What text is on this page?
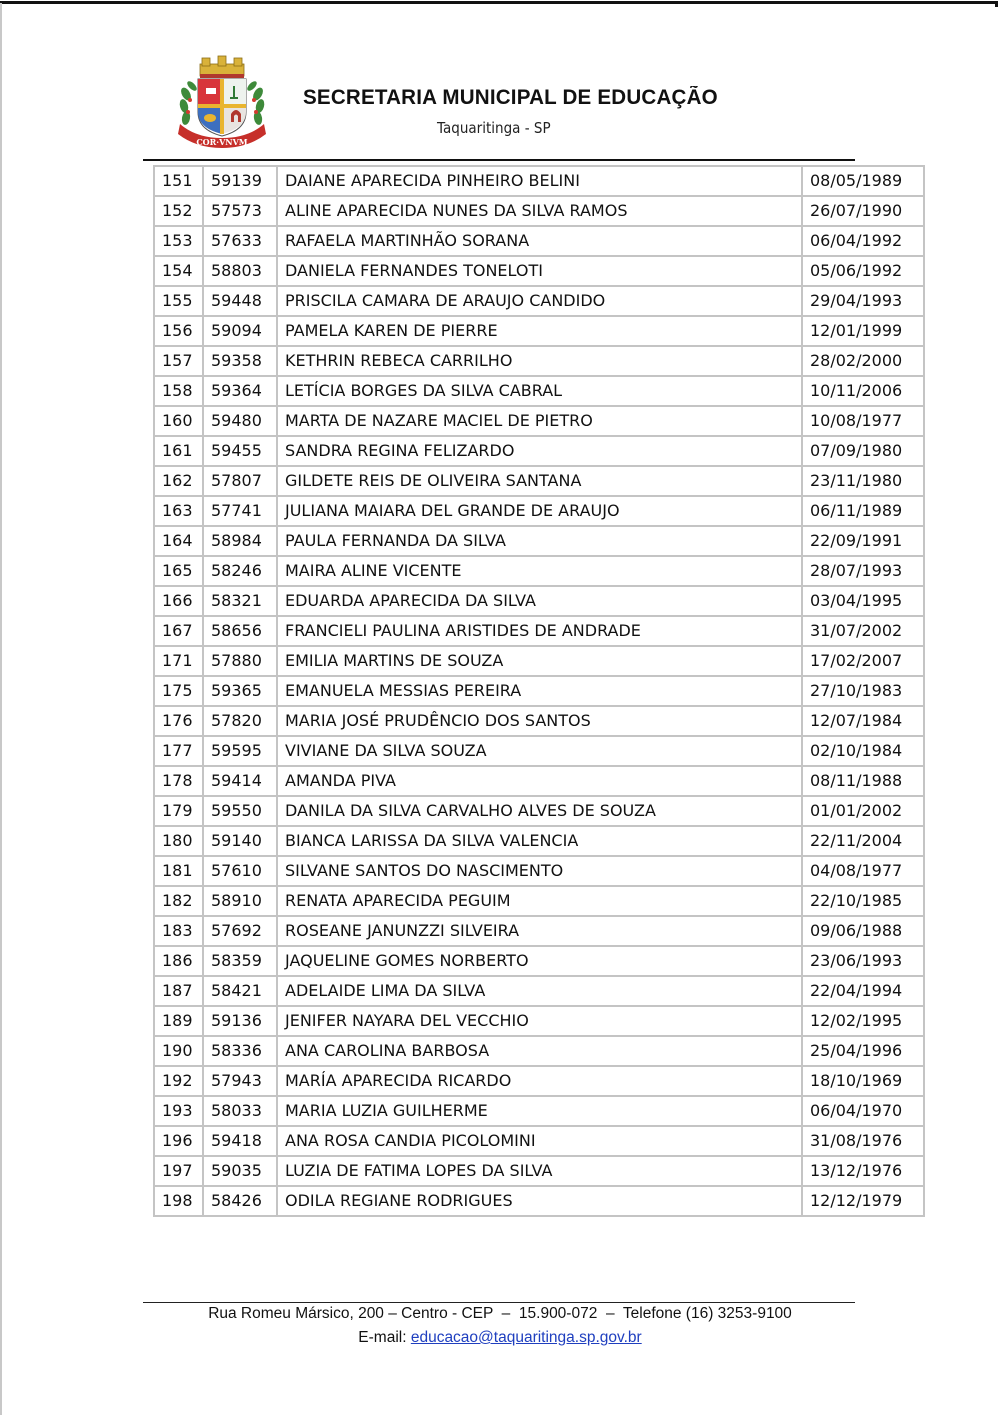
COR·VNVM
SECRETARIA MUNICIPAL DE EDUCAÇÃO
Taquaritinga - SP
151	59139	DAIANE APARECIDA PINHEIRO BELINI	08/05/1989
152	57573	ALINE APARECIDA NUNES DA SILVA RAMOS	26/07/1990
153	57633	RAFAELA MARTINHÃO SORANA	06/04/1992
154	58803	DANIELA FERNANDES TONELOTI	05/06/1992
155	59448	PRISCILA CAMARA DE ARAUJO CANDIDO	29/04/1993
156	59094	PAMELA KAREN DE PIERRE	12/01/1999
157	59358	KETHRIN REBECA CARRILHO	28/02/2000
158	59364	LETÍCIA BORGES DA SILVA CABRAL	10/11/2006
160	59480	MARTA DE NAZARE MACIEL DE PIETRO	10/08/1977
161	59455	SANDRA REGINA FELIZARDO	07/09/1980
162	57807	GILDETE REIS DE OLIVEIRA SANTANA	23/11/1980
163	57741	JULIANA MAIARA DEL GRANDE DE ARAUJO	06/11/1989
164	58984	PAULA FERNANDA DA SILVA	22/09/1991
165	58246	MAIRA ALINE VICENTE	28/07/1993
166	58321	EDUARDA APARECIDA DA SILVA	03/04/1995
167	58656	FRANCIELI PAULINA ARISTIDES DE ANDRADE	31/07/2002
171	57880	EMILIA MARTINS DE SOUZA	17/02/2007
175	59365	EMANUELA MESSIAS PEREIRA	27/10/1983
176	57820	MARIA JOSÉ PRUDÊNCIO DOS SANTOS	12/07/1984
177	59595	VIVIANE DA SILVA SOUZA	02/10/1984
178	59414	AMANDA PIVA	08/11/1988
179	59550	DANILA DA SILVA CARVALHO ALVES DE SOUZA	01/01/2002
180	59140	BIANCA LARISSA DA SILVA VALENCIA	22/11/2004
181	57610	SILVANE SANTOS DO NASCIMENTO	04/08/1977
182	58910	RENATA APARECIDA PEGUIM	22/10/1985
183	57692	ROSEANE JANUNZZI SILVEIRA	09/06/1988
186	58359	JAQUELINE GOMES NORBERTO	23/06/1993
187	58421	ADELAIDE LIMA DA SILVA	22/04/1994
189	59136	JENIFER NAYARA DEL VECCHIO	12/02/1995
190	58336	ANA CAROLINA BARBOSA	25/04/1996
192	57943	MARÍA APARECIDA RICARDO	18/10/1969
193	58033	MARIA LUZIA GUILHERME	06/04/1970
196	59418	ANA ROSA CANDIA PICOLOMINI	31/08/1976
197	59035	LUZIA DE FATIMA LOPES DA SILVA	13/12/1976
198	58426	ODILA REGIANE RODRIGUES	12/12/1979
Rua Romeu Mársico, 200 – Centro - CEP  –  15.900-072  –  Telefone (16) 3253-9100
E-mail: educacao@taquaritinga.sp.gov.br
